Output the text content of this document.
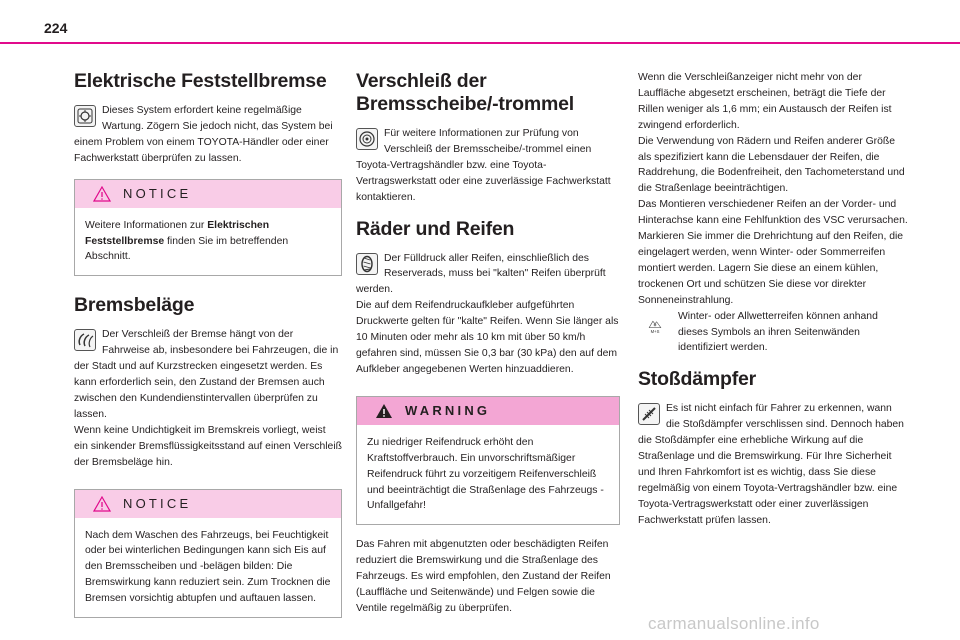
224
Elektrische Feststellbremse

Dieses System erfordert keine regelmäßige Wartung. Zögern Sie jedoch nicht, das System bei einem Problem von einem TOYOTA-Händler oder einer Fachwerkstatt überprüfen zu lassen.

NOTICE

Weitere Informationen zur Elektrischen Feststellbremse finden Sie im betreffenden Abschnitt.

Bremsbeläge

Der Verschleiß der Bremse hängt von der Fahrweise ab, insbesondere bei Fahrzeugen, die in der Stadt und auf Kurzstrecken eingesetzt werden. Es kann erforderlich sein, den Zustand der Bremsen auch zwischen den Kundendienstintervallen überprüfen zu lassen.

Wenn keine Undichtigkeit im Bremskreis vorliegt, weist ein sinkender Bremsflüssigkeitsstand auf einen Verschleiß der Bremsbeläge hin.

NOTICE

Nach dem Waschen des Fahrzeugs, bei Feuchtigkeit oder bei winterlichen Bedingungen kann sich Eis auf den Bremsscheiben und -belägen bilden: Die Bremswirkung kann reduziert sein. Zum Trocknen die Bremsen vorsichtig abtupfen und auftauen lassen.

Verschleiß der Bremsscheibe/-trommel

Für weitere Informationen zur Prüfung von Verschleiß der Bremsscheibe/-trommel einen Toyota-Vertragshändler bzw. eine Toyota-Vertragswerkstatt oder eine zuverlässige Fachwerkstatt kontaktieren.

Räder und Reifen

Der Fülldruck aller Reifen, einschließlich des Reserverads, muss bei "kalten" Reifen überprüft werden.

Die auf dem Reifendruckaufkleber aufgeführten Druckwerte gelten für "kalte" Reifen. Wenn Sie länger als 10 Minuten oder mehr als 10 km mit über 50 km/h gefahren sind, müssen Sie 0,3 bar (30 kPa) den auf dem Aufkleber angegebenen Werten hinzuaddieren.

WARNING

Zu niedriger Reifendruck erhöht den Kraftstoffverbrauch. Ein unvorschriftsmäßiger Reifendruck führt zu vorzeitigem Reifenverschleiß und beeinträchtigt die Straßenlage des Fahrzeugs - Unfallgefahr!

Das Fahren mit abgenutzten oder beschädigten Reifen reduziert die Bremswirkung und die Straßenlage des Fahrzeugs. Es wird empfohlen, den Zustand der Reifen (Lauffläche und Seitenwände) und Felgen sowie die Ventile regelmäßig zu überprüfen.

Wenn die Verschleißanzeiger nicht mehr von der Lauffläche abgesetzt erscheinen, beträgt die Tiefe der Rillen weniger als 1,6 mm; ein Austausch der Reifen ist zwingend erforderlich.

Die Verwendung von Rädern und Reifen anderer Größe als spezifiziert kann die Lebensdauer der Reifen, die Raddrehung, die Bodenfreiheit, den Tachometerstand und die Straßenlage beeinträchtigen.

Das Montieren verschiedener Reifen an der Vorder- und Hinterachse kann eine Fehlfunktion des VSC verursachen.

Markieren Sie immer die Drehrichtung auf den Reifen, die eingelagert werden, wenn Winter- oder Sommerreifen montiert werden. Lagern Sie diese an einem kühlen, trockenen Ort und schützen Sie diese vor direkter Sonneneinstrahlung.

M+S

Winter- oder Allwetterreifen können anhand dieses Symbols an ihren Seitenwänden identifiziert werden.

Stoßdämpfer

Es ist nicht einfach für Fahrer zu erkennen, wann die Stoßdämpfer verschlissen sind. Dennoch haben die Stoßdämpfer eine erhebliche Wirkung auf die Straßenlage und die Bremswirkung. Für Ihre Sicherheit und Ihren Fahrkomfort ist es wichtig, dass Sie diese regelmäßig von einem Toyota-Vertragshändler bzw. eine Toyota-Vertragswerkstatt oder einer zuverlässigen Fachwerkstatt prüfen lassen.

carmanualsonline.info
